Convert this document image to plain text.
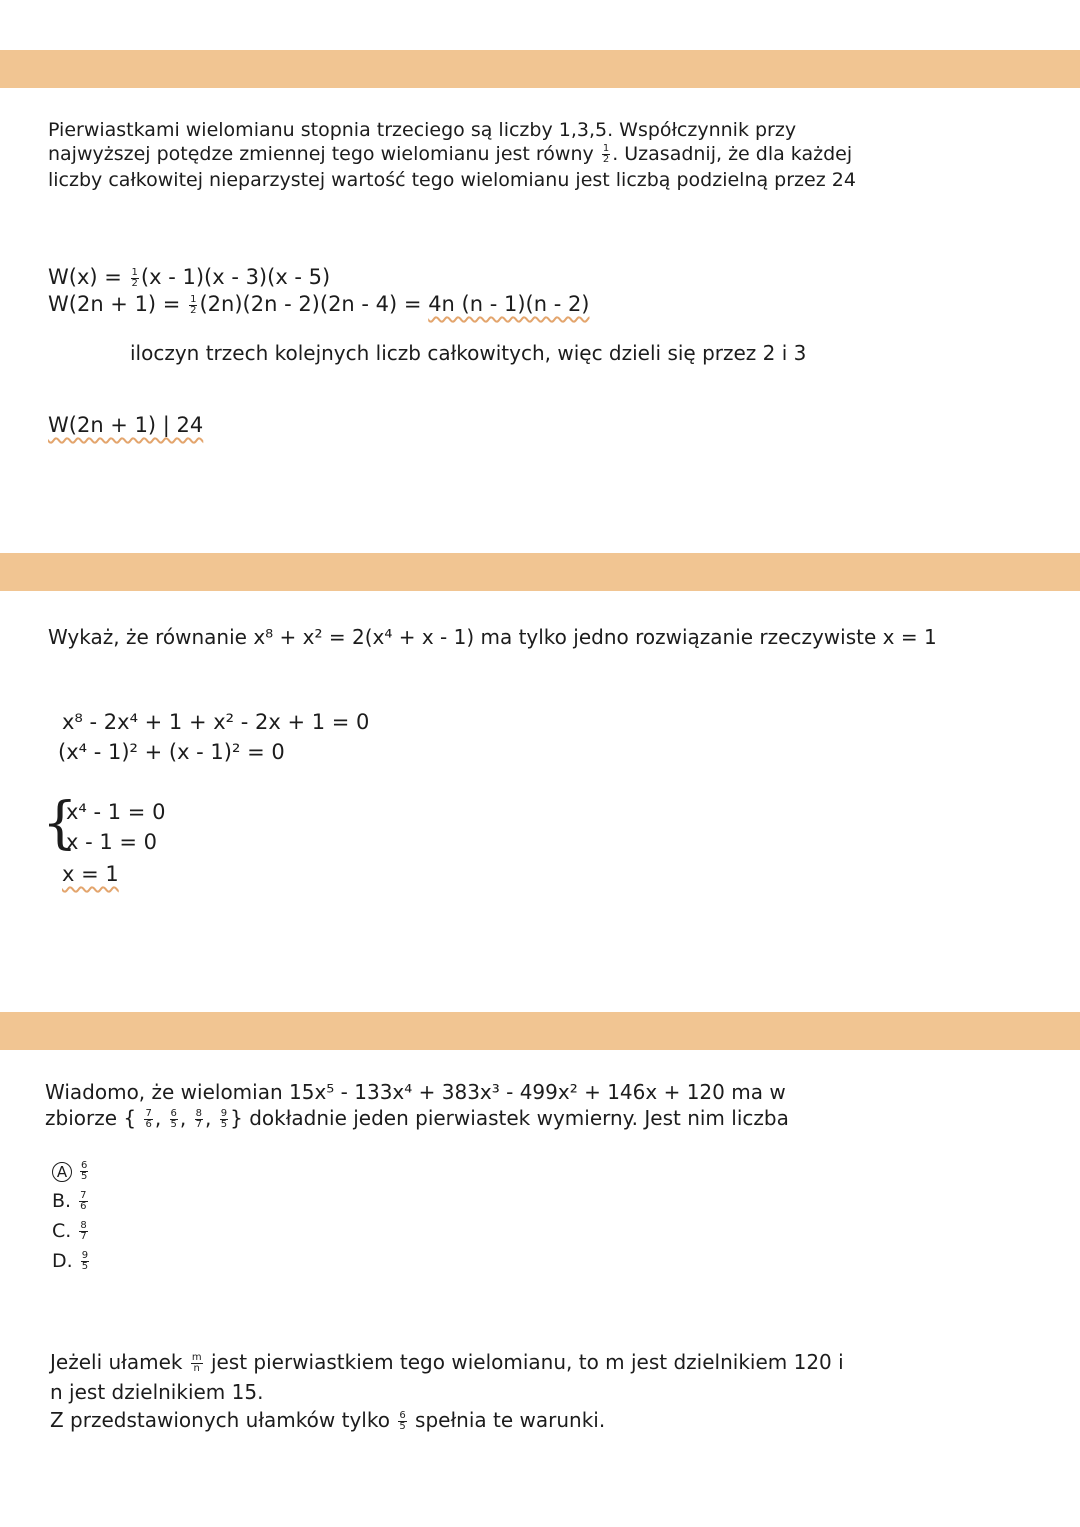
Pierwiastkami wielomianu stopnia trzeciego są liczby 1,3,5. Współczynnik przy
najwyższej potędze zmiennej tego wielomianu jest równy $\frac{1}{2}$ . Uzasadnij, że dla każdej
liczby całkowitej nieparzystej wartość tego wielomianu jest liczbą podzielną przez 24
$W(x) = \frac{1}{2} (x - 1)(x - 3)(x - 5)$
$W(2n + 1) = \frac{1}{2} (2n)(2n - 2)(2n - 4) = 4n$ (n - 1)(n - 2)
iloczyn trzech kolejnych liczb całkowitych, więc dzieli się przez 2 i 3
W(2n + 1) | 24
Wykaż, że równanie x⁸ + x² = 2(x⁴ + x - 1) ma tylko jedno rozwiązanie rzeczywiste x = 1
x⁸ - 2x⁴ + 1 + x² - 2x + 1 = 0
(x⁴ - 1)² + (x - 1)² = 0
{
x⁴ - 1 = 0
x - 1 = 0
x = 1
Wiadomo, że wielomian 15x⁵ - 133x⁴ + 383x³ - 499x² + 146x + 120 ma w
zbiorze { $\frac{7}{6}$ , $\frac{6}{5}$ , $\frac{8}{7}$ , $\frac{9}{5}$ } dokładnie jeden pierwiastek wymierny. Jest nim liczba
A $\frac{6}{5}$
B. $\frac{7}{6}$
C. $\frac{8}{7}$
D. $\frac{9}{5}$
Jeżeli ułamek $\frac{m}{n}$ jest pierwiastkiem tego wielomianu, to m jest dzielnikiem 120 i
n jest dzielnikiem 15.
Z przedstawionych ułamków tylko $\frac{6}{5}$ spełnia te warunki.
